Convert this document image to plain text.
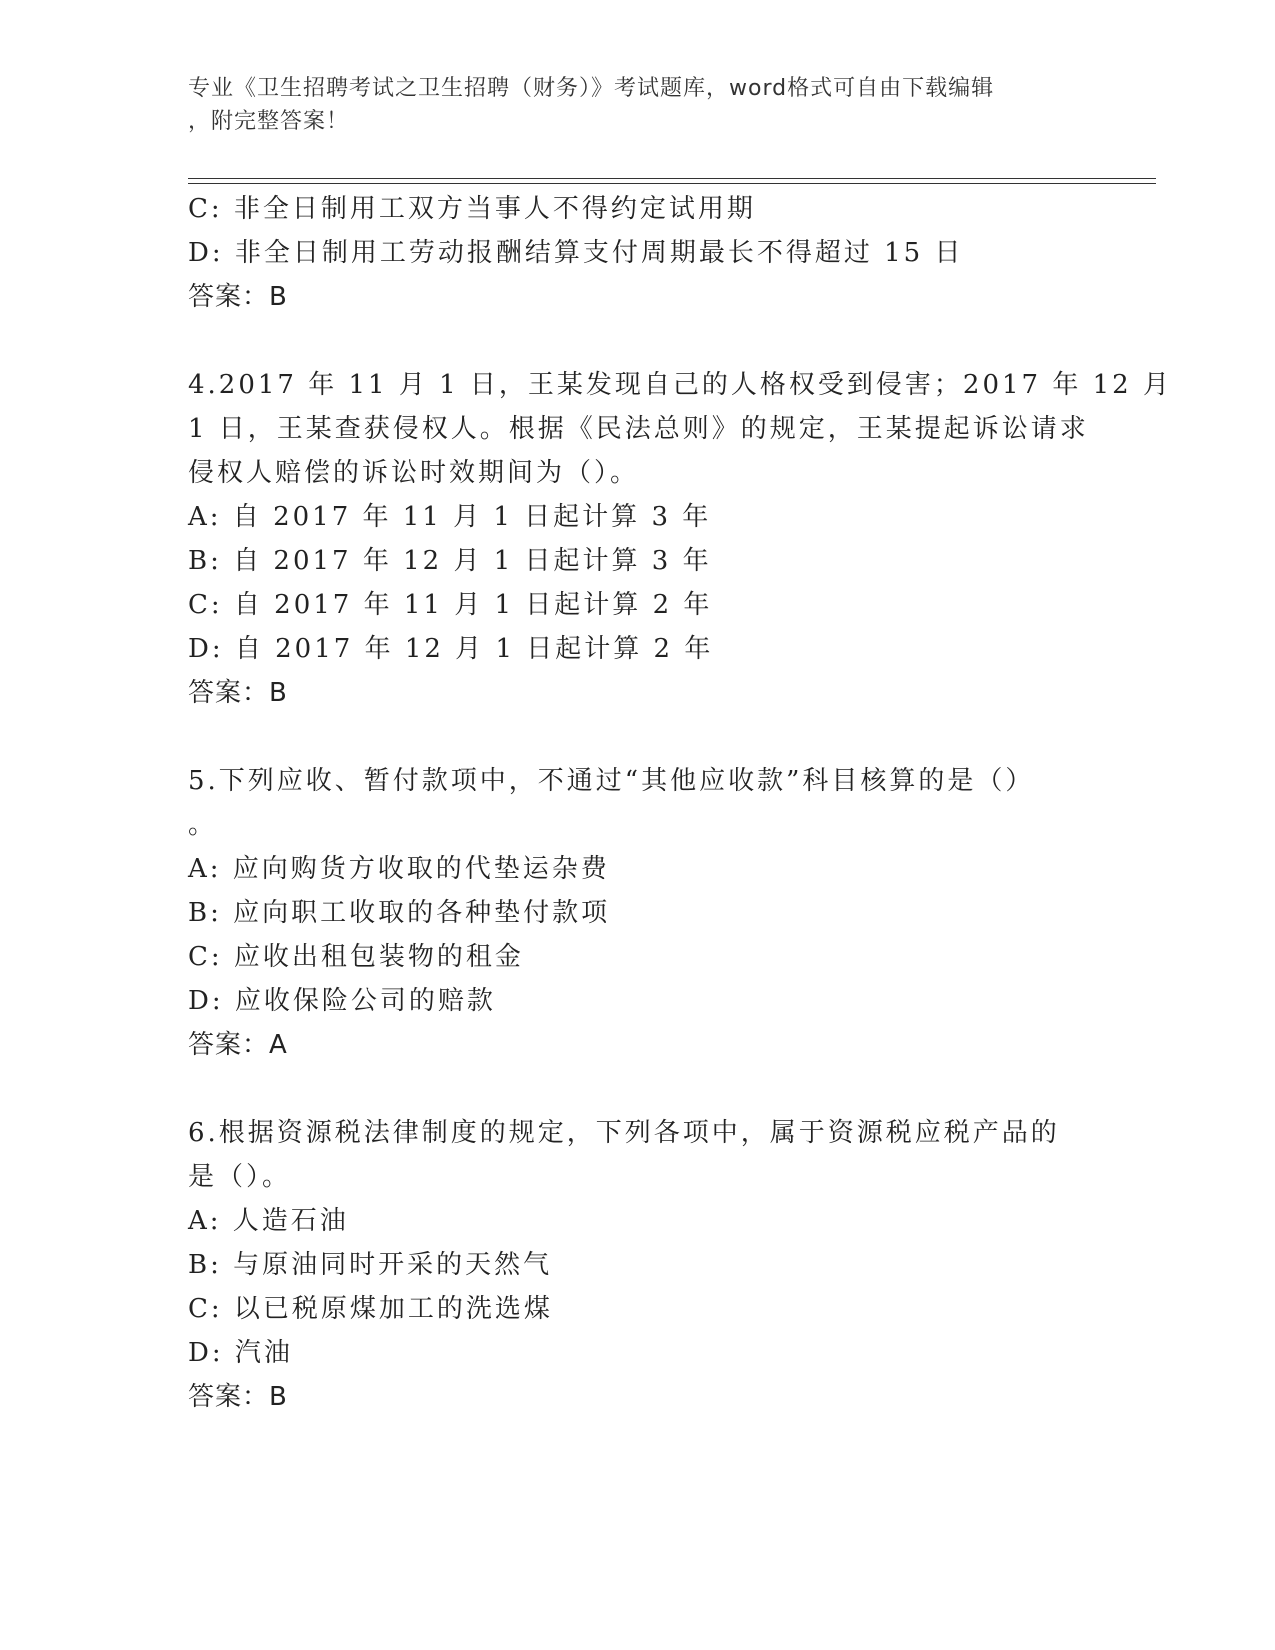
专业《卫生招聘考试之卫生招聘（财务）》考试题库，word格式可自由下载编辑
，附完整答案！
C: 非全日制用工双方当事人不得约定试用期
D: 非全日制用工劳动报酬结算支付周期最长不得超过 15 日
答案：B
4.2017 年 11 月 1 日，王某发现自己的人格权受到侵害；2017 年 12 月
1 日，王某查获侵权人。根据《民法总则》的规定，王某提起诉讼请求
侵权人赔偿的诉讼时效期间为（）。
A: 自 2017 年 11 月 1 日起计算 3 年
B: 自 2017 年 12 月 1 日起计算 3 年
C: 自 2017 年 11 月 1 日起计算 2 年
D: 自 2017 年 12 月 1 日起计算 2 年
答案：B
5.下列应收、暂付款项中，不通过“其他应收款”科目核算的是（）
。
A: 应向购货方收取的代垫运杂费
B: 应向职工收取的各种垫付款项
C: 应收出租包装物的租金
D: 应收保险公司的赔款
答案：A
6.根据资源税法律制度的规定，下列各项中，属于资源税应税产品的
是（）。
A: 人造石油
B: 与原油同时开采的天然气
C: 以已税原煤加工的洗选煤
D: 汽油
答案：B
